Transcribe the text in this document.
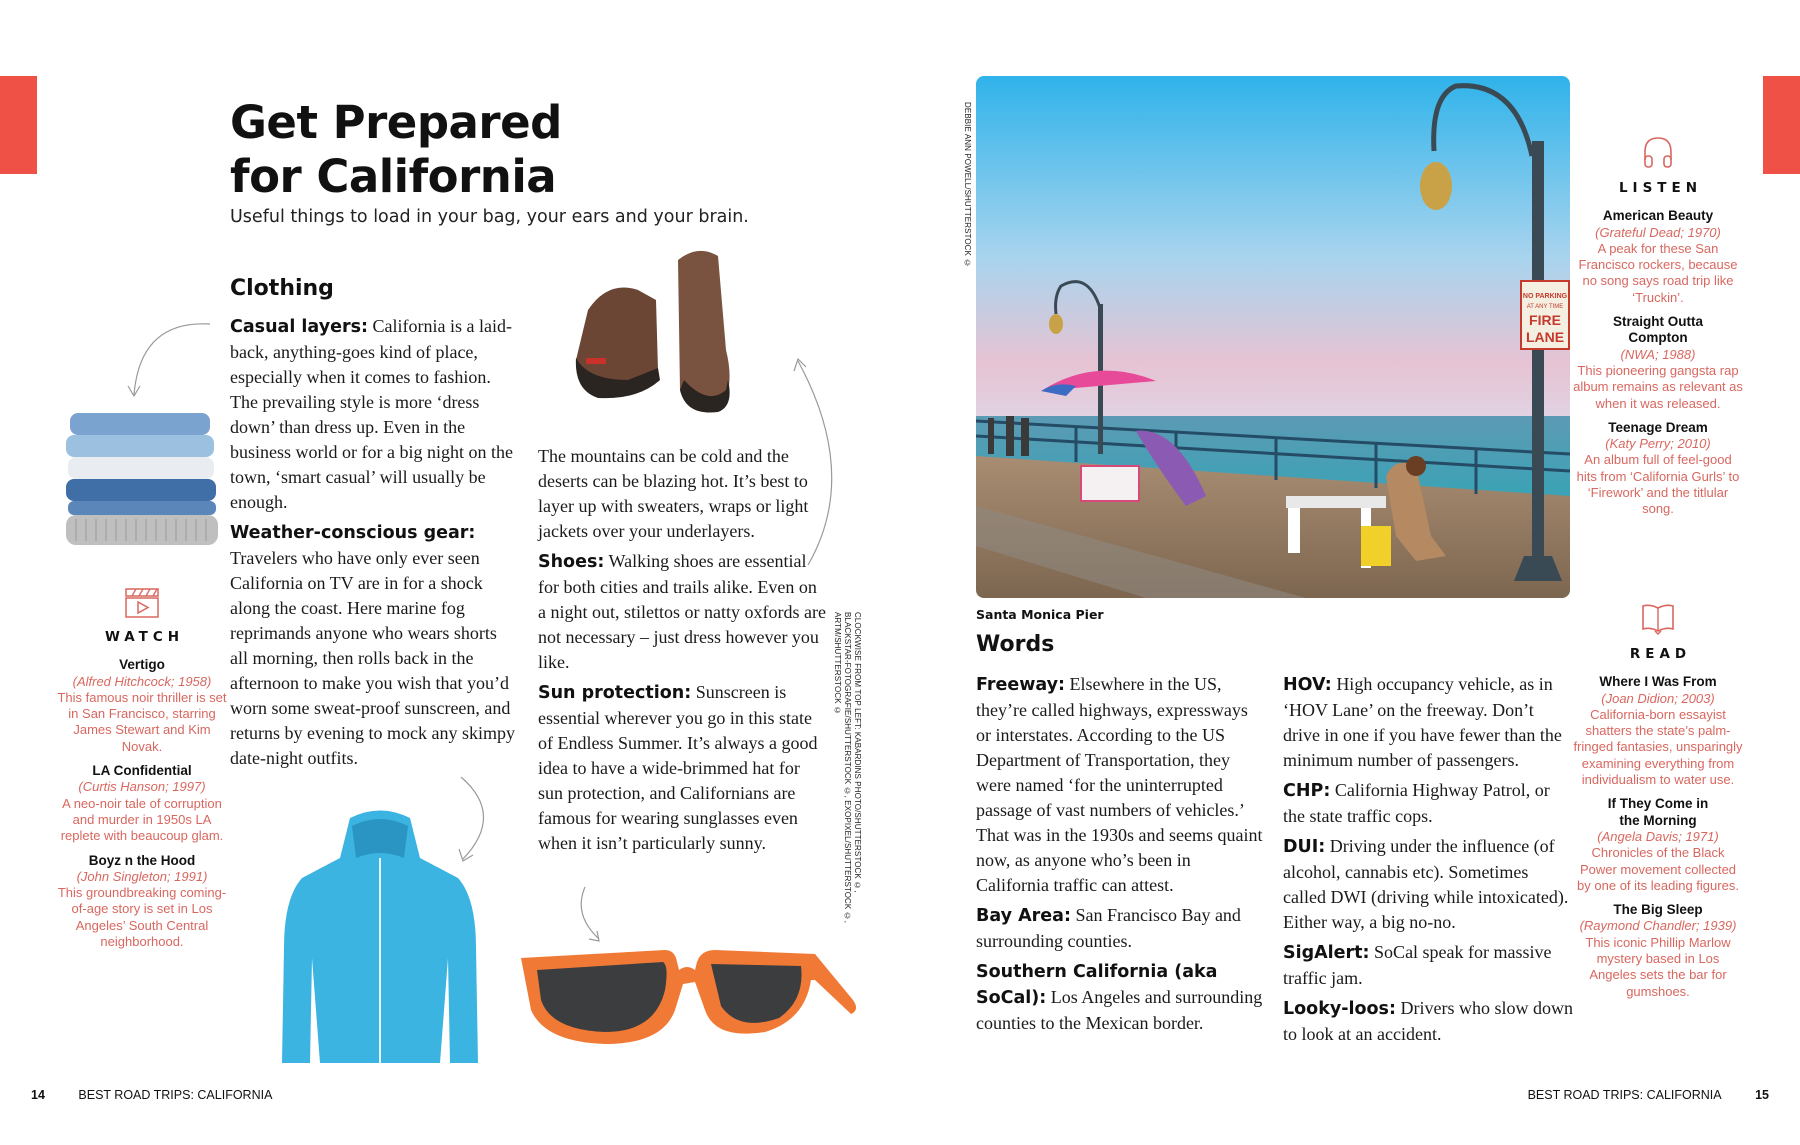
Get Prepared
for California
Useful things to load in your bag, your ears and your brain.
Clothing

Casual layers: California is a laid-back, anything-goes kind of place, especially when it comes to fashion. The prevailing style is more ‘dress down’ than dress up. Even in the business world or for a big night on the town, ‘smart casual’ will usually be enough.

Weather-conscious gear: Travelers who have only ever seen California on TV are in for a shock along the coast. Here marine fog reprimands anyone who wears shorts all morning, then rolls back in the afternoon to make you wish that you’d worn some sweat-proof sunscreen, and returns by evening to mock any skimpy date-night outfits.

The mountains can be cold and the deserts can be blazing hot. It’s best to layer up with sweaters, wraps or light jackets over your underlayers.

Shoes: Walking shoes are essential for both cities and trails alike. Even on a night out, stilettos or natty oxfords are not necessary – just dress however you like.

Sun protection: Sunscreen is essential wherever you go in this state of Endless Summer. It’s always a good idea to have a wide-brimmed hat for sun protection, and Californians are famous for wearing sunglasses even when it isn’t particularly sunny.

WATCH
Vertigo
(Alfred Hitchcock; 1958)
This famous noir thriller is set in San Francisco, starring James Stewart and Kim Novak.
LA Confidential
(Curtis Hanson; 1997)
A neo-noir tale of corruption and murder in 1950s LA replete with beaucoup glam.
Boyz n the Hood
(John Singleton; 1991)
This groundbreaking coming-of-age story is set in Los Angeles’ South Central neighborhood.
DEBBIE ANN POWELL/SHUTTERSTOCK ©
CLOCKWISE FROM TOP LEFT: KABARDINS PHOTO/SHUTTERSTOCK ©,
BLACKSTAR-FOTOGRAFIE/SHUTTERSTOCK ©, EXOPIXEL/SHUTTERSTOCK ©, ARTM/SHUTTERSTOCK ©
NO PARKING
AT ANY TIME
FIRE
LANE
Santa Monica Pier
Words

Freeway: Elsewhere in the US, they’re called highways, expressways or interstates. According to the US Department of Transportation, they were named ‘for the uninterrupted passage of vast numbers of vehicles.’ That was in the 1930s and seems quaint now, as anyone who’s been in California traffic can attest.

Bay Area: San Francisco Bay and surrounding counties.

Southern California (aka SoCal): Los Angeles and surrounding counties to the Mexican border.

HOV: High occupancy vehicle, as in ‘HOV Lane’ on the freeway. Don’t drive in one if you have fewer than the minimum number of passengers.

CHP: California Highway Patrol, or the state traffic cops.

DUI: Driving under the influence (of alcohol, cannabis etc). Sometimes called DWI (driving while intoxicated). Either way, a big no-no.

SigAlert: SoCal speak for massive traffic jam.

Looky-loos: Drivers who slow down to look at an accident.

LISTEN
American Beauty
(Grateful Dead; 1970)
A peak for these San Francisco rockers, because no song says road trip like ‘Truckin’.
Straight Outta Compton
(NWA; 1988)
This pioneering gangsta rap album remains as relevant as when it was released.
Teenage Dream
(Katy Perry; 2010)
An album full of feel-good hits from ‘California Gurls’ to ‘Firework’ and the titlular song.
READ
Where I Was From
(Joan Didion; 2003)
California-born essayist shatters the state’s palm-fringed fantasies, unsparingly examining everything from individualism to water use.
If They Come in the Morning
(Angela Davis; 1971)
Chronicles of the Black Power movement collected by one of its leading figures.
The Big Sleep
(Raymond Chandler; 1939) This iconic Phillip Marlow mystery based in Los Angeles sets the bar for gumshoes.
14	BEST ROAD TRIPS: CALIFORNIA	BEST ROAD TRIPS: CALIFORNIA	15
